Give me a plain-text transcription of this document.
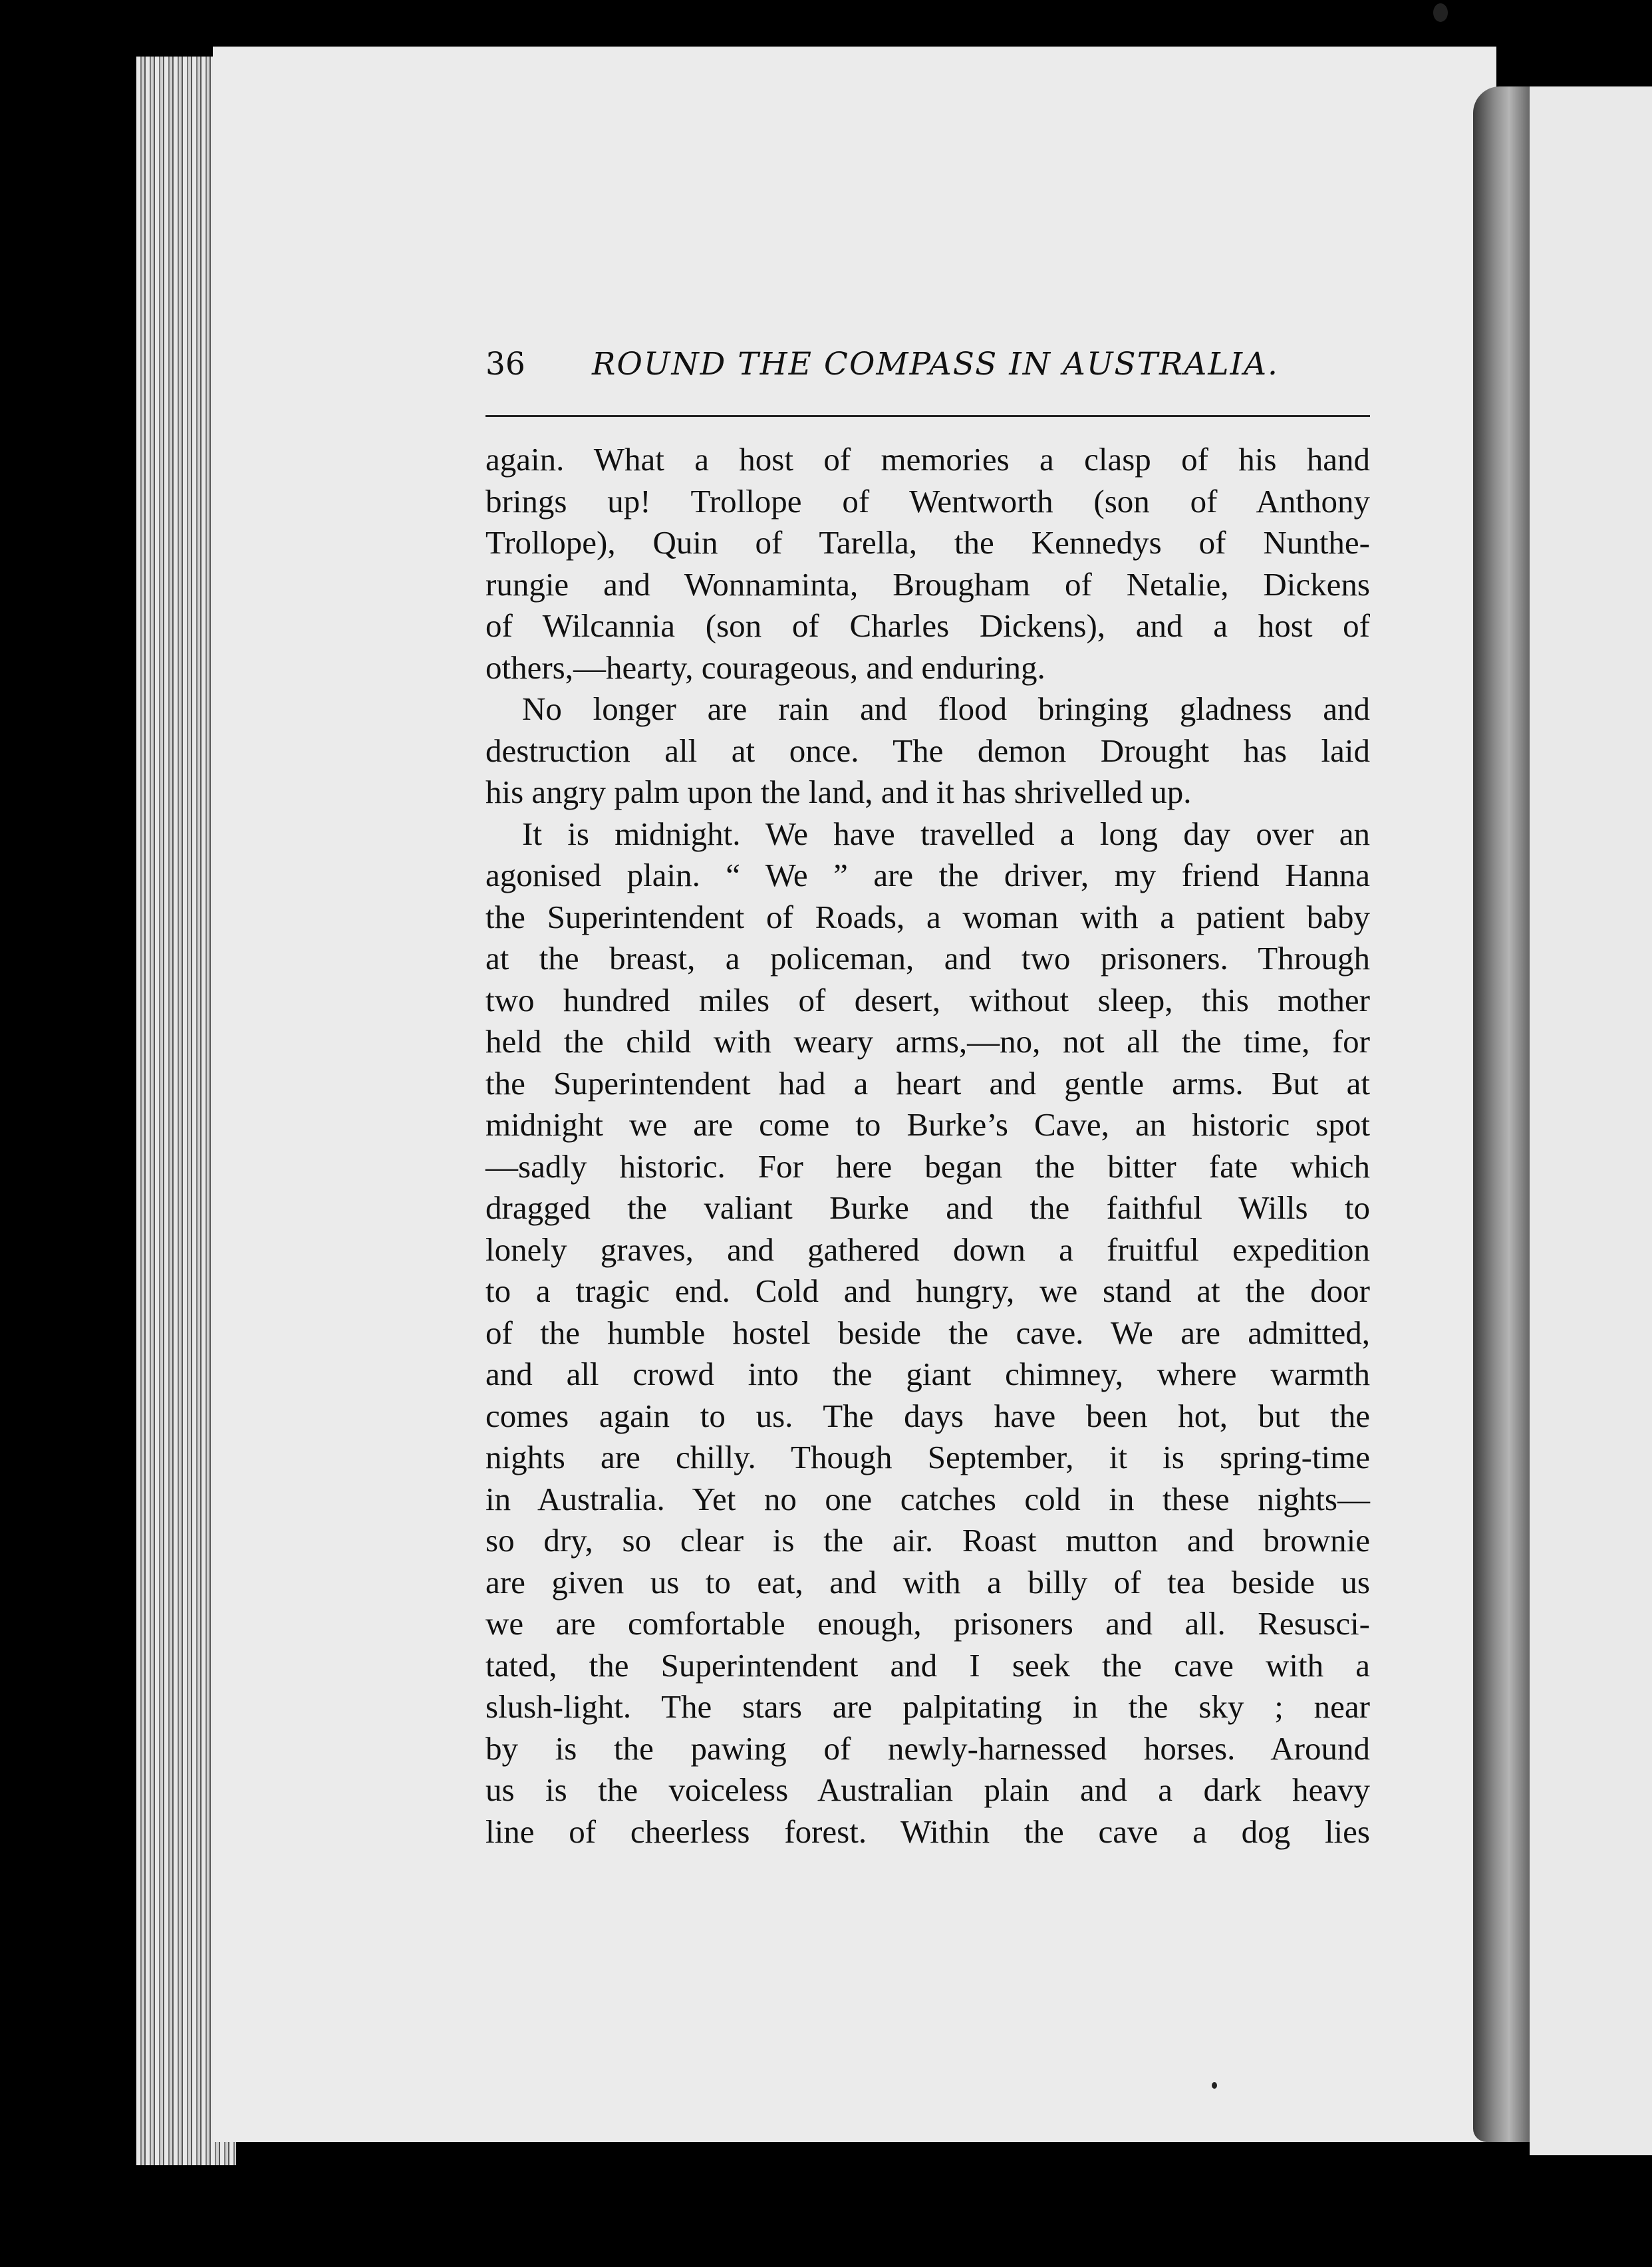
36 ROUND THE COMPASS IN AUSTRALIA.

again. What a host of memories a clasp of his hand
brings up! Trollope of Wentworth (son of Anthony
Trollope), Quin of Tarella, the Kennedys of Nunthe-
rungie and Wonnaminta, Brougham of Netalie, Dickens
of Wilcannia (son of Charles Dickens), and a host of
others,—hearty, courageous, and enduring.

No longer are rain and flood bringing gladness and
destruction all at once. The demon Drought has laid
his angry palm upon the land, and it has shrivelled up.

It is midnight. We have travelled a long day over an
agonised plain. “ We ” are the driver, my friend Hanna
the Superintendent of Roads, a woman with a patient baby
at the breast, a policeman, and two prisoners. Through
two hundred miles of desert, without sleep, this mother
held the child with weary arms,—no, not all the time, for
the Superintendent had a heart and gentle arms. But at
midnight we are come to Burke’s Cave, an historic spot
—sadly historic. For here began the bitter fate which
dragged the valiant Burke and the faithful Wills to
lonely graves, and gathered down a fruitful expedition
to a tragic end. Cold and hungry, we stand at the door
of the humble hostel beside the cave. We are admitted,
and all crowd into the giant chimney, where warmth
comes again to us. The days have been hot, but the
nights are chilly. Though September, it is spring-time
in Australia. Yet no one catches cold in these nights—
so dry, so clear is the air. Roast mutton and brownie
are given us to eat, and with a billy of tea beside us
we are comfortable enough, prisoners and all. Resusci-
tated, the Superintendent and I seek the cave with a
slush-light. The stars are palpitating in the sky ; near
by is the pawing of newly-harnessed horses. Around
us is the voiceless Australian plain and a dark heavy
line of cheerless forest. Within the cave a dog lies
